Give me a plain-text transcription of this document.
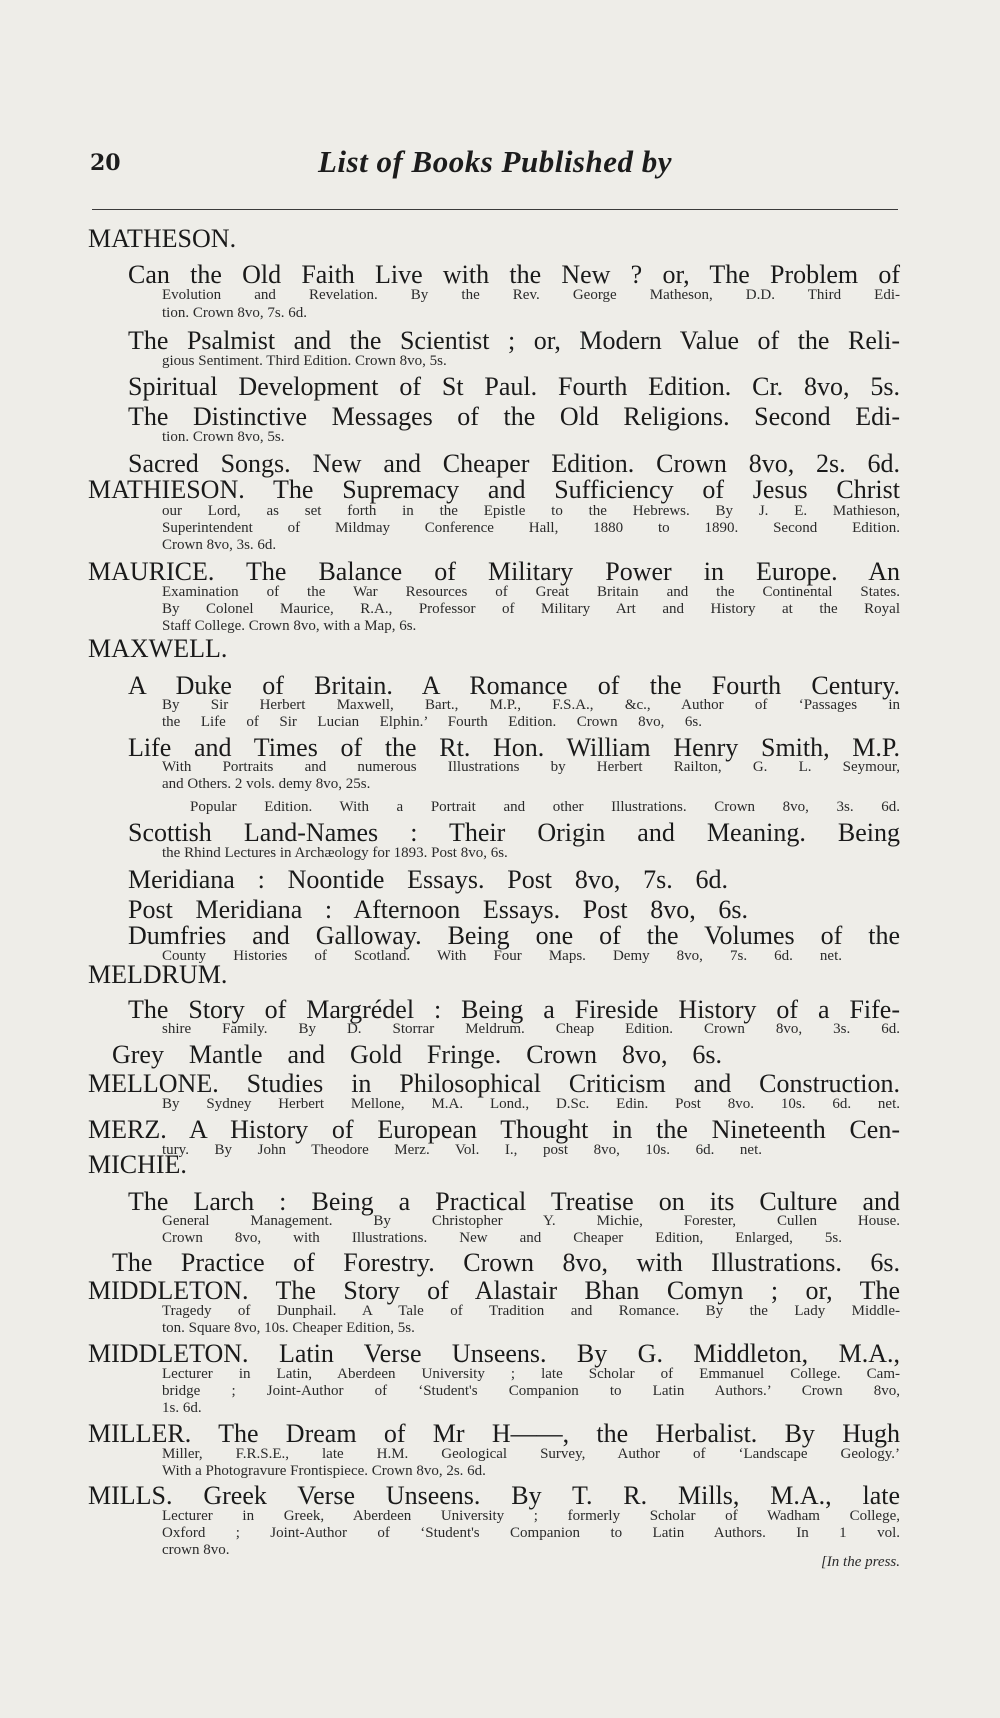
20	List of Books Published by
MATHESON.
Can the Old Faith Live with the New ? or, The Problem of
Evolution and Revelation. By the Rev. George Matheson, D.D. Third Edi-
tion. Crown 8vo, 7s. 6d.
The Psalmist and the Scientist ; or, Modern Value of the Reli-
gious Sentiment. Third Edition. Crown 8vo, 5s.
Spiritual Development of St Paul. Fourth Edition. Cr. 8vo, 5s.
The Distinctive Messages of the Old Religions. Second Edi-
tion. Crown 8vo, 5s.
Sacred Songs. New and Cheaper Edition. Crown 8vo, 2s. 6d.
MATHIESON. The Supremacy and Sufficiency of Jesus Christ
our Lord, as set forth in the Epistle to the Hebrews. By J. E. Mathieson,
Superintendent of Mildmay Conference Hall, 1880 to 1890. Second Edition.
Crown 8vo, 3s. 6d.
MAURICE. The Balance of Military Power in Europe. An
Examination of the War Resources of Great Britain and the Continental States.
By Colonel Maurice, R.A., Professor of Military Art and History at the Royal
Staff College. Crown 8vo, with a Map, 6s.
MAXWELL.
A Duke of Britain. A Romance of the Fourth Century.
By Sir Herbert Maxwell, Bart., M.P., F.S.A., &c., Author of ‘Passages in
the Life of Sir Lucian Elphin.’ Fourth Edition. Crown 8vo, 6s.
Life and Times of the Rt. Hon. William Henry Smith, M.P.
With Portraits and numerous Illustrations by Herbert Railton, G. L. Seymour,
and Others. 2 vols. demy 8vo, 25s.
Popular Edition. With a Portrait and other Illustrations. Crown 8vo, 3s. 6d.
Scottish Land-Names : Their Origin and Meaning. Being
the Rhind Lectures in Archæology for 1893. Post 8vo, 6s.
Meridiana : Noontide Essays. Post 8vo, 7s. 6d.
Post Meridiana : Afternoon Essays. Post 8vo, 6s.
Dumfries and Galloway. Being one of the Volumes of the
County Histories of Scotland. With Four Maps. Demy 8vo, 7s. 6d. net.
MELDRUM.
The Story of Margrédel : Being a Fireside History of a Fife-
shire Family. By D. Storrar Meldrum. Cheap Edition. Crown 8vo, 3s. 6d.
Grey Mantle and Gold Fringe. Crown 8vo, 6s.
MELLONE. Studies in Philosophical Criticism and Construction.
By Sydney Herbert Mellone, M.A. Lond., D.Sc. Edin. Post 8vo. 10s. 6d. net.
MERZ. A History of European Thought in the Nineteenth Cen-
tury. By John Theodore Merz. Vol. I., post 8vo, 10s. 6d. net.
MICHIE.
The Larch : Being a Practical Treatise on its Culture and
General Management. By Christopher Y. Michie, Forester, Cullen House.
Crown 8vo, with Illustrations. New and Cheaper Edition, Enlarged, 5s.
The Practice of Forestry. Crown 8vo, with Illustrations. 6s.
MIDDLETON. The Story of Alastair Bhan Comyn ; or, The
Tragedy of Dunphail. A Tale of Tradition and Romance. By the Lady Middle-
ton. Square 8vo, 10s. Cheaper Edition, 5s.
MIDDLETON. Latin Verse Unseens. By G. Middleton, M.A.,
Lecturer in Latin, Aberdeen University ; late Scholar of Emmanuel College. Cam-
bridge ; Joint-Author of ‘Student's Companion to Latin Authors.’ Crown 8vo,
1s. 6d.
MILLER. The Dream of Mr H——, the Herbalist. By Hugh
Miller, F.R.S.E., late H.M. Geological Survey, Author of ‘Landscape Geology.’
With a Photogravure Frontispiece. Crown 8vo, 2s. 6d.
MILLS. Greek Verse Unseens. By T. R. Mills, M.A., late
Lecturer in Greek, Aberdeen University ; formerly Scholar of Wadham College,
Oxford ; Joint-Author of ‘Student's Companion to Latin Authors. In 1 vol.
crown 8vo.
[In the press.
